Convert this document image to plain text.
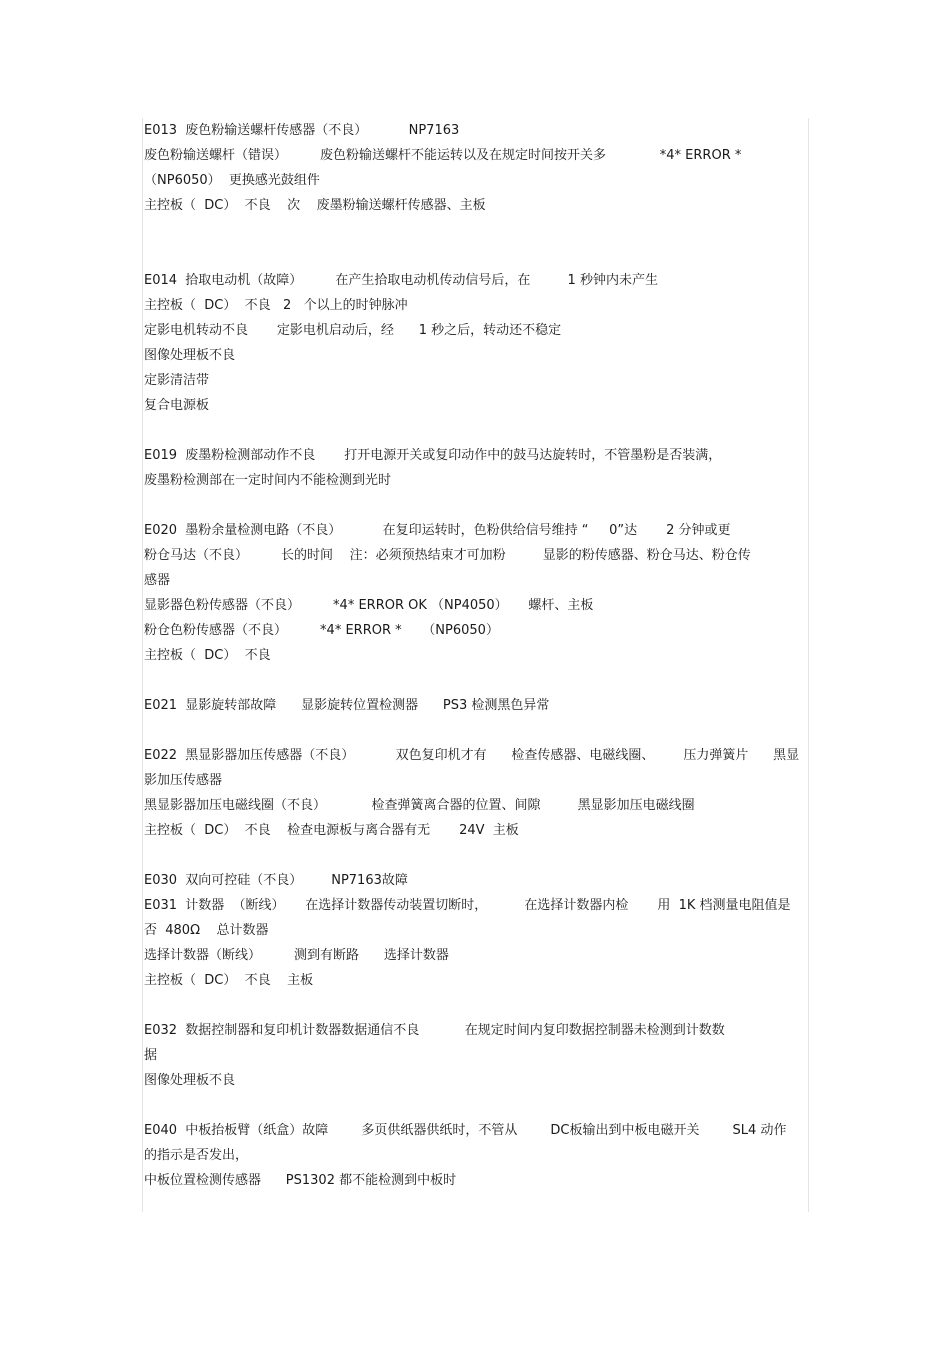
E013  废色粉输送螺杆传感器（不良）          NP7163
废色粉输送螺杆（错误）        废色粉输送螺杆不能运转以及在规定时间按开关多             *4* ERROR *
（NP6050）  更换感光鼓组件
主控板（  DC）  不良    次    废墨粉输送螺杆传感器、主板
E014  拾取电动机（故障）        在产生拾取电动机传动信号后，在         1 秒钟内未产生
主控板（  DC）  不良   2   个以上的时钟脉冲
定影电机转动不良       定影电机启动后，经      1 秒之后，转动还不稳定
图像处理板不良
定影清洁带
复合电源板
E019  废墨粉检测部动作不良       打开电源开关或复印动作中的鼓马达旋转时，不管墨粉是否装满，
废墨粉检测部在一定时间内不能检测到光时
E020  墨粉余量检测电路（不良）          在复印运转时，色粉供给信号维持 “     0”达       2 分钟或更
粉仓马达（不良）        长的时间    注：必须预热结束才可加粉         显影的粉传感器、粉仓马达、粉仓传
感器
显影器色粉传感器（不良）        *4* ERROR OK （NP4050）     螺杆、主板
粉仓色粉传感器（不良）        *4* ERROR *     （NP6050）
主控板（  DC）  不良
E021  显影旋转部故障      显影旋转位置检测器      PS3 检测黑色异常
E022  黑显影器加压传感器（不良）          双色复印机才有      检查传感器、电磁线圈、       压力弹簧片      黑显
影加压传感器
黑显影器加压电磁线圈（不良）           检查弹簧离合器的位置、间隙         黑显影加压电磁线圈
主控板（  DC）  不良    检查电源板与离合器有无       24V  主板
E030  双向可控硅（不良）       NP7163故障
E031  计数器  （断线）     在选择计数器传动装置切断时，         在选择计数器内检       用  1K 档测量电阻值是
否  480Ω    总计数器
选择计数器（断线）        测到有断路      选择计数器
主控板（  DC）  不良    主板
E032  数据控制器和复印机计数器数据通信不良           在规定时间内复印数据控制器未检测到计数数
据
图像处理板不良
E040  中板抬板臂（纸盒）故障        多页供纸器供纸时，不管从        DC板输出到中板电磁开关        SL4 动作
的指示是否发出，
中板位置检测传感器      PS1302 都不能检测到中板时
